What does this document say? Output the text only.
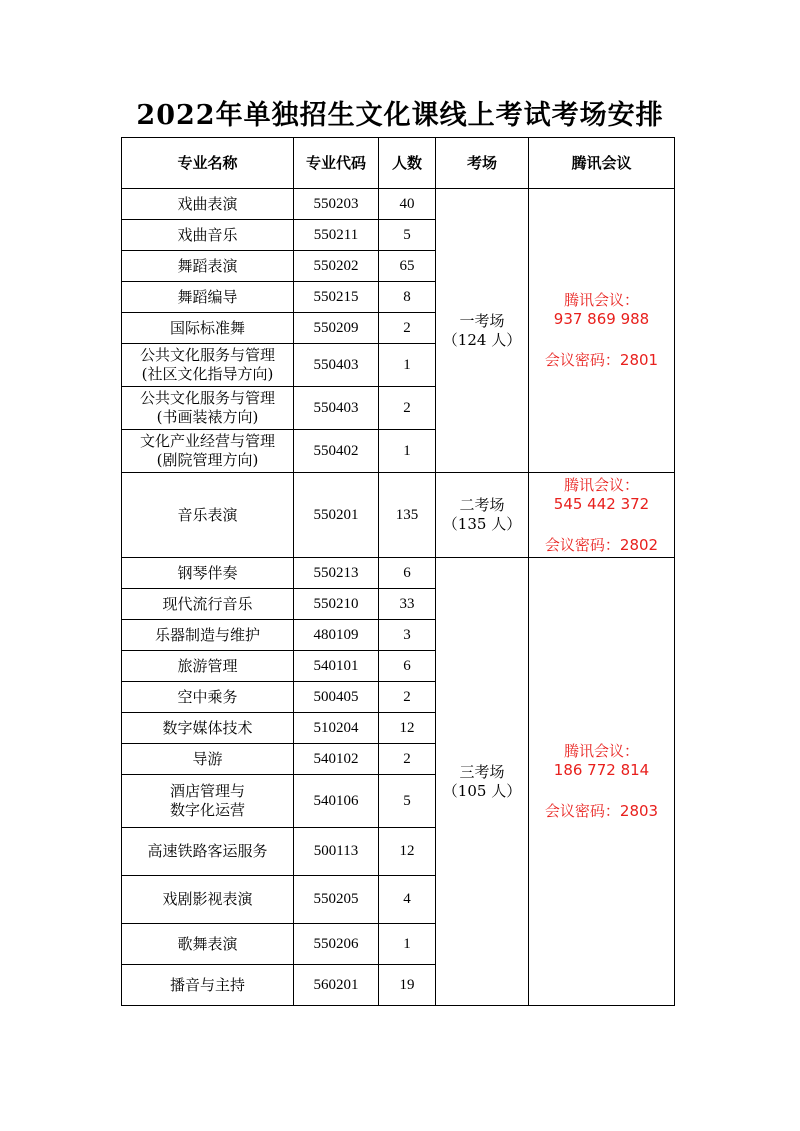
2022年单独招生文化课线上考试考场安排
专业名称	专业代码	人数	考场	腾讯会议

戏曲表演	550203	40	一考场
（124 人）	腾讯会议：
937 869 988
会议密码：2801

戏曲音乐	550211	5		

舞蹈表演	550202	65		

舞蹈编导	550215	8		

国际标准舞	550209	2		

公共文化服务与管理
(社区文化指导方向)	550403	1		

公共文化服务与管理
(书画装裱方向)	550403	2		

文化产业经营与管理
(剧院管理方向)	550402	1		

音乐表演	550201	135	二考场
（135 人）	腾讯会议：
545 442 372
会议密码：2802

钢琴伴奏	550213	6	三考场
（105 人）	腾讯会议：
186 772 814
会议密码：2803

现代流行音乐	550210	33		

乐器制造与维护	480109	3		

旅游管理	540101	6		

空中乘务	500405	2		

数字媒体技术	510204	12		

导游	540102	2		

酒店管理与
数字化运营	540106	5		

高速铁路客运服务	500113	12		

戏剧影视表演	550205	4		

歌舞表演	550206	1		

播音与主持	560201	19		
